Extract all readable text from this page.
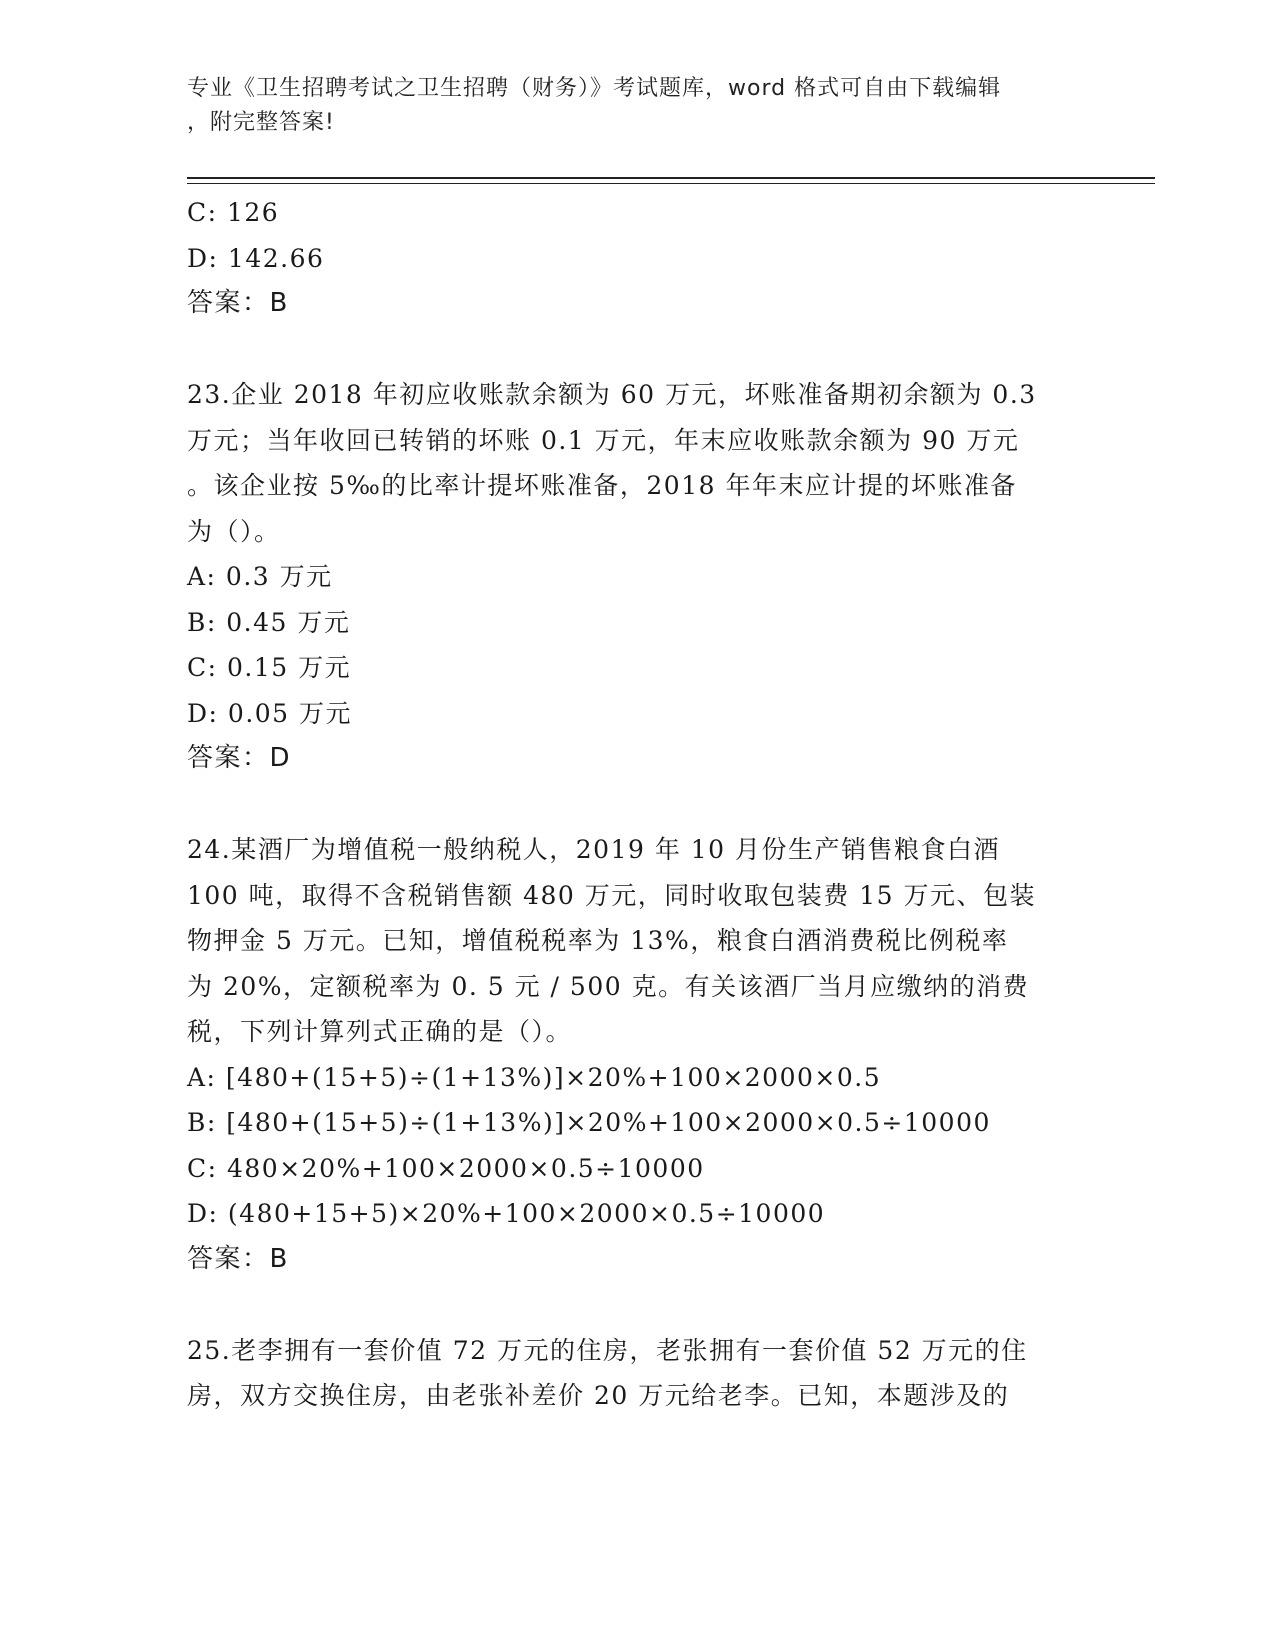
专业《卫生招聘考试之卫生招聘（财务）》考试题库，word 格式可自由下载编辑
，附完整答案!
C: 126
D: 142.66
答案：B
23.企业 2018 年初应收账款余额为 60 万元，坏账准备期初余额为 0.3
万元；当年收回已转销的坏账 0.1 万元，年末应收账款余额为 90 万元
。该企业按 5‰的比率计提坏账准备，2018 年年末应计提的坏账准备
为（）。
A: 0.3 万元
B: 0.45 万元
C: 0.15 万元
D: 0.05 万元
答案：D
24.某酒厂为增值税一般纳税人，2019 年 10 月份生产销售粮食白酒
100 吨，取得不含税销售额 480 万元，同时收取包装费 15 万元、包装
物押金 5 万元。已知，增值税税率为 13%，粮食白酒消费税比例税率
为 20%，定额税率为 0. 5 元 / 500 克。有关该酒厂当月应缴纳的消费
税，下列计算列式正确的是（）。
A: [480+(15+5)÷(1+13%)]×20%+100×2000×0.5
B: [480+(15+5)÷(1+13%)]×20%+100×2000×0.5÷10000
C: 480×20%+100×2000×0.5÷10000
D: (480+15+5)×20%+100×2000×0.5÷10000
答案：B
25.老李拥有一套价值 72 万元的住房，老张拥有一套价值 52 万元的住
房，双方交换住房，由老张补差价 20 万元给老李。已知，本题涉及的
